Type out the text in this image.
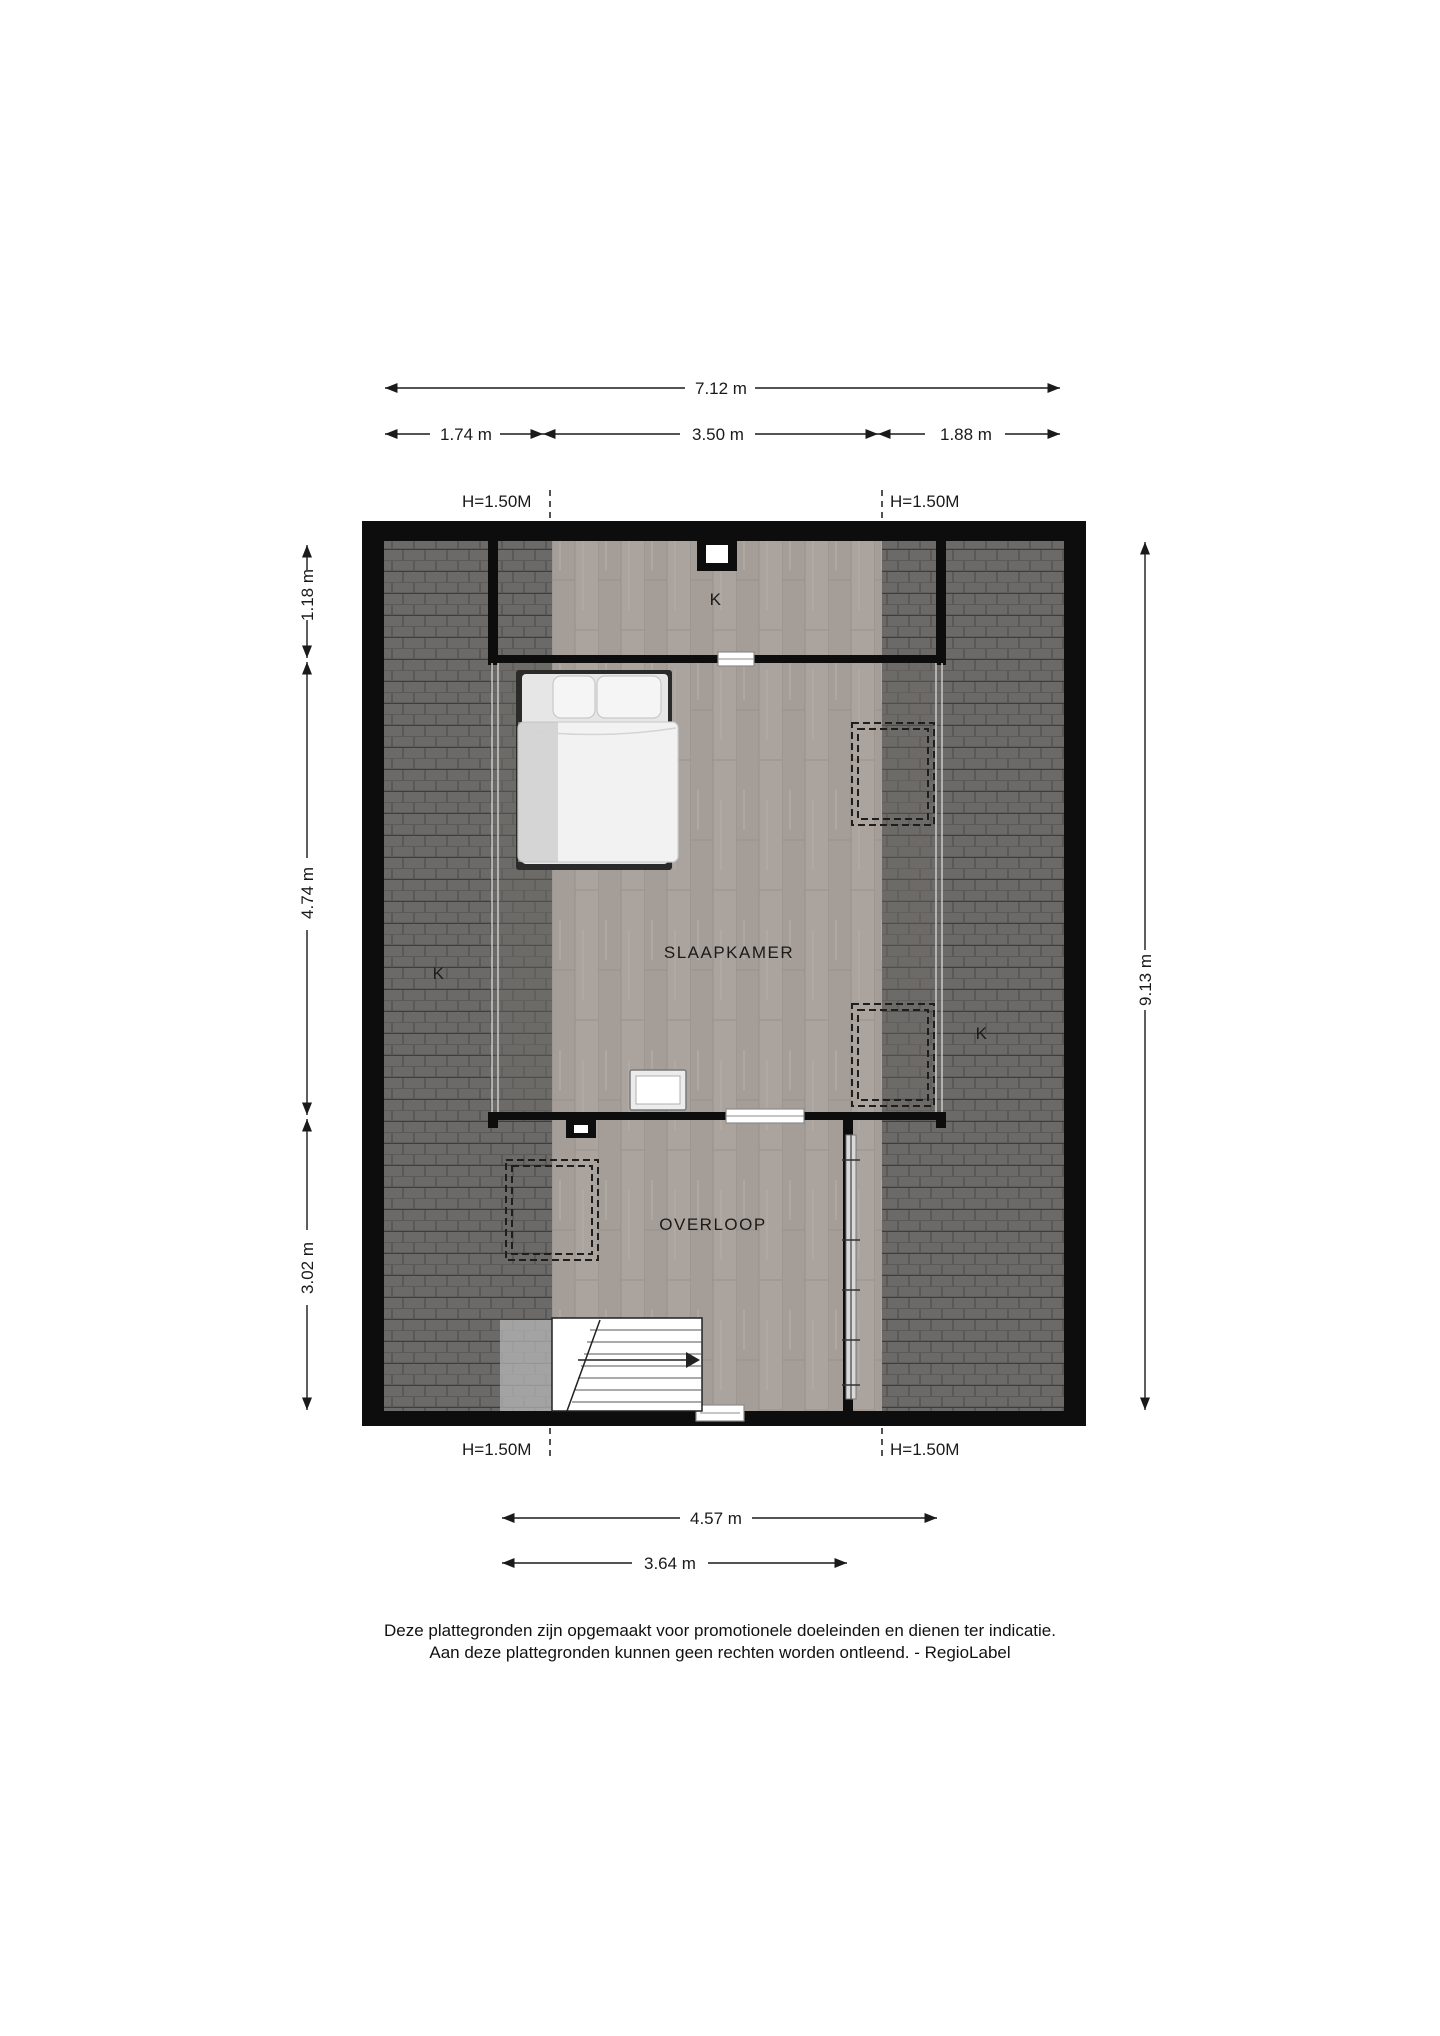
7.12 m
1.74 m	3.50 m	1.88 m
1.18 m
4.74 m
3.02 m
9.13 m
4.57 m
3.64 m
H=1.50M	H=1.50M
H=1.50M	H=1.50M
SLAAPKAMER
OVERLOOP
K
K
K
Deze plattegronden zijn opgemaakt voor promotionele doeleinden en dienen ter indicatie.
Aan deze plattegronden kunnen geen rechten worden ontleend. - RegioLabel
